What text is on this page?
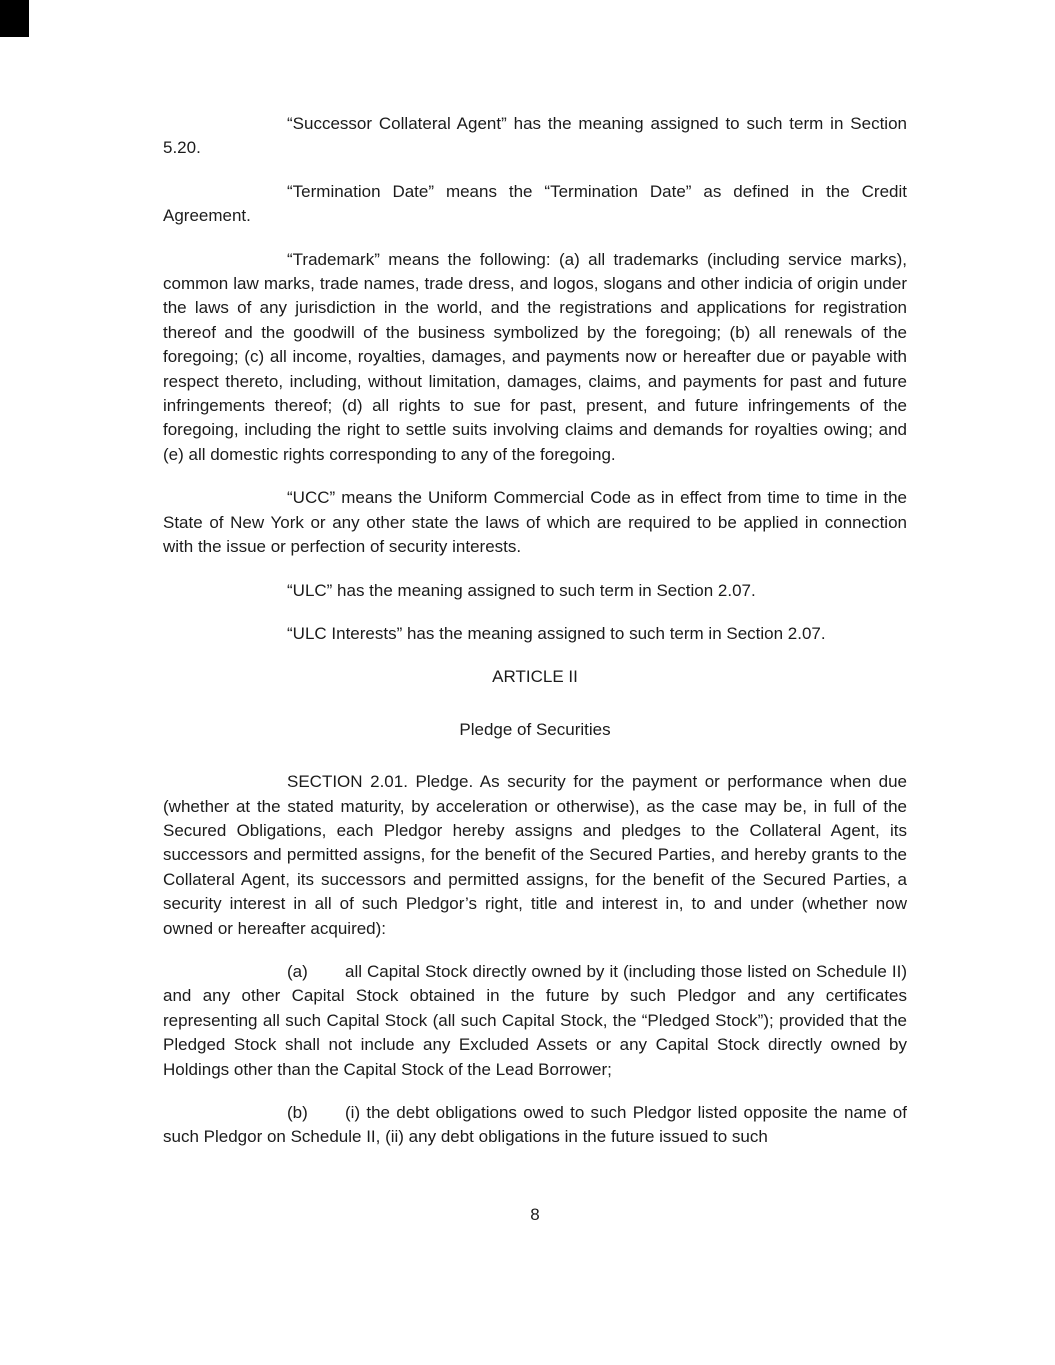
“Successor Collateral Agent” has the meaning assigned to such term in Section 5.20.

“Termination Date” means the “Termination Date” as defined in the Credit Agreement.

“Trademark” means the following: (a) all trademarks (including service marks), common law marks, trade names, trade dress, and logos, slogans and other indicia of origin under the laws of any jurisdiction in the world, and the registrations and applications for registration thereof and the goodwill of the business symbolized by the foregoing; (b) all renewals of the foregoing; (c) all income, royalties, damages, and payments now or hereafter due or payable with respect thereto, including, without limitation, damages, claims, and payments for past and future infringements thereof; (d) all rights to sue for past, present, and future infringements of the foregoing, including the right to settle suits involving claims and demands for royalties owing; and (e) all domestic rights corresponding to any of the foregoing.

“UCC” means the Uniform Commercial Code as in effect from time to time in the State of New York or any other state the laws of which are required to be applied in connection with the issue or perfection of security interests.

“ULC” has the meaning assigned to such term in Section 2.07.

“ULC Interests” has the meaning assigned to such term in Section 2.07.

ARTICLE II

Pledge of Securities

SECTION 2.01. Pledge. As security for the payment or performance when due (whether at the stated maturity, by acceleration or otherwise), as the case may be, in full of the Secured Obligations, each Pledgor hereby assigns and pledges to the Collateral Agent, its successors and permitted assigns, for the benefit of the Secured Parties, and hereby grants to the Collateral Agent, its successors and permitted assigns, for the benefit of the Secured Parties, a security interest in all of such Pledgor’s right, title and interest in, to and under (whether now owned or hereafter acquired):

(a) all Capital Stock directly owned by it (including those listed on Schedule II) and any other Capital Stock obtained in the future by such Pledgor and any certificates representing all such Capital Stock (all such Capital Stock, the “Pledged Stock”); provided that the Pledged Stock shall not include any Excluded Assets or any Capital Stock directly owned by Holdings other than the Capital Stock of the Lead Borrower;

(b) (i) the debt obligations owed to such Pledgor listed opposite the name of such Pledgor on Schedule II, (ii) any debt obligations in the future issued to such

8
